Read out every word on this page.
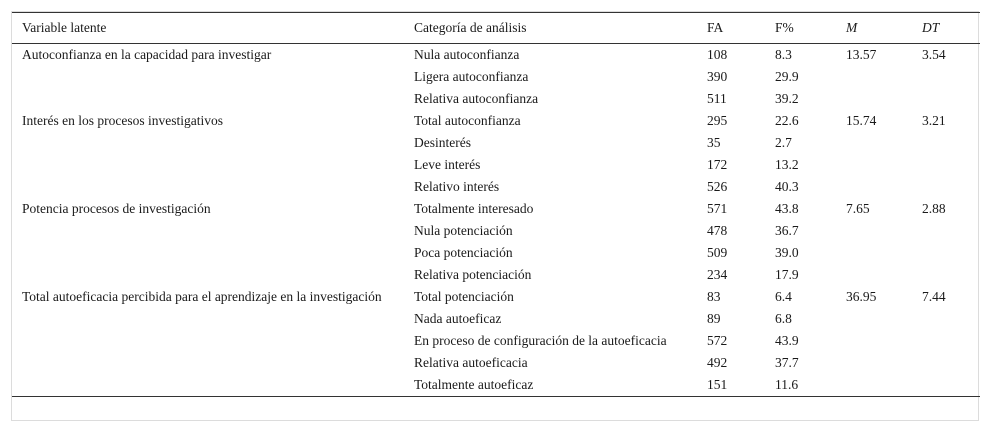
Variable latente	Categoría de análisis	FA	F%	M	DT
Autoconfianza en la capacidad para investigar	Nula autoconfianza	108	8.3	13.57	3.54
	Ligera autoconfianza	390	29.9		
	Relativa autoconfianza	511	39.2		
Interés en los procesos investigativos	Total autoconfianza	295	22.6	15.74	3.21
	Desinterés	35	2.7		
	Leve interés	172	13.2		
	Relativo interés	526	40.3		
Potencia procesos de investigación	Totalmente interesado	571	43.8	7.65	2.88
	Nula potenciación	478	36.7		
	Poca potenciación	509	39.0		
	Relativa potenciación	234	17.9		
Total autoeficacia percibida para el aprendizaje en la investigación	Total potenciación	83	6.4	36.95	7.44
	Nada autoeficaz	89	6.8		
	En proceso de configuración de la autoeficacia	572	43.9		
	Relativa autoeficacia	492	37.7		
	Totalmente autoeficaz	151	11.6		
